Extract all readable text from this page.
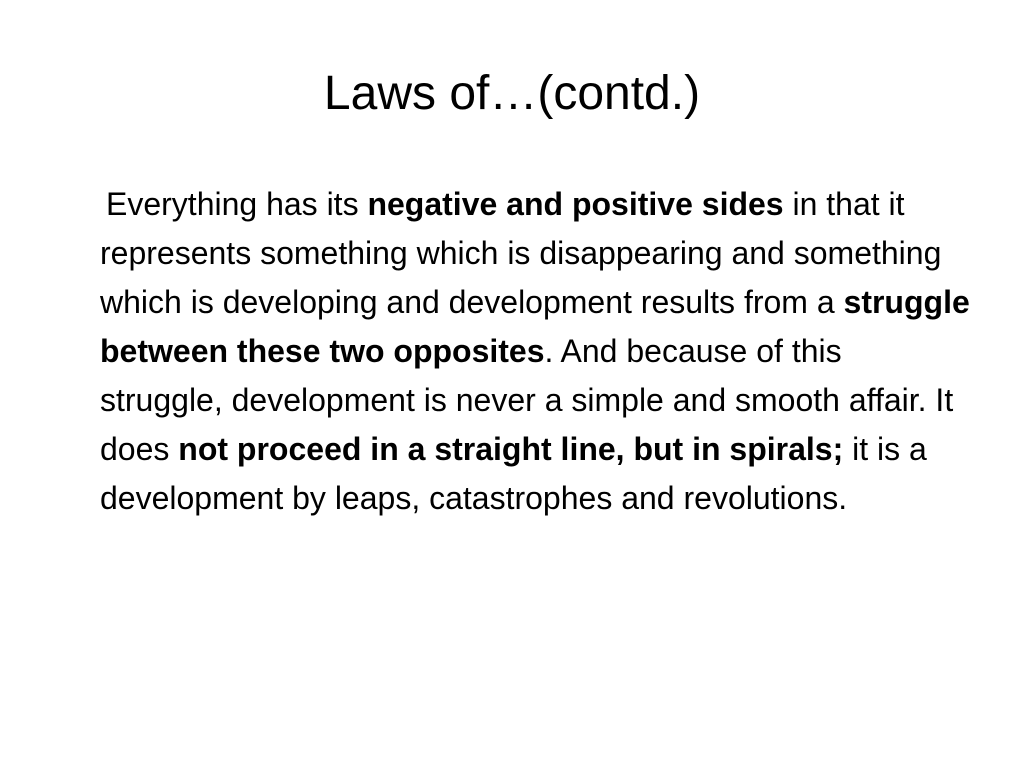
Laws of…(contd.)

Everything has its negative and positive sides in that it represents something which is disappearing and something which is developing and development results from a struggle between these two opposites. And because of this struggle, development is never a simple and smooth affair. It does not proceed in a straight line, but in spirals; it is a development by leaps, catastrophes and revolutions.
